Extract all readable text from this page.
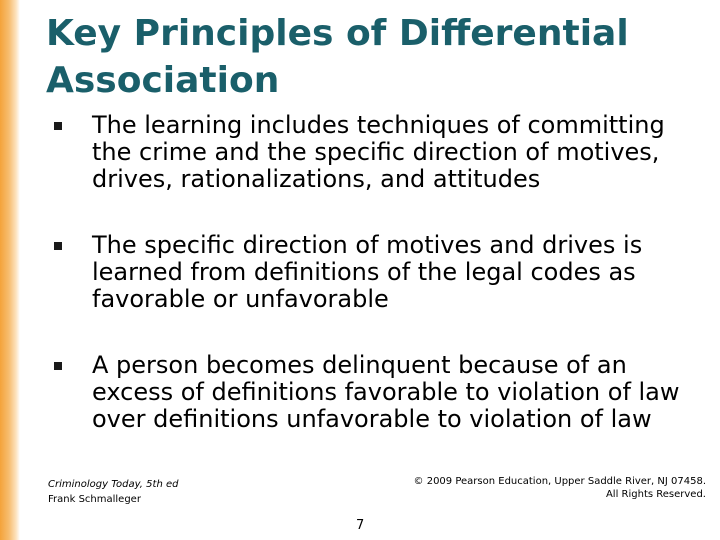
Key Principles of Differential Association
The learning includes techniques of committing the crime and the specific direction of motives, drives, rationalizations, and attitudes
The specific direction of motives and drives is learned from definitions of the legal codes as favorable or unfavorable
A person becomes delinquent because of an excess of definitions favorable to violation of law over definitions unfavorable to violation of law
Criminology Today, 5th ed
Frank Schmalleger
7
© 2009 Pearson Education, Upper Saddle River, NJ 07458.
All Rights Reserved.
